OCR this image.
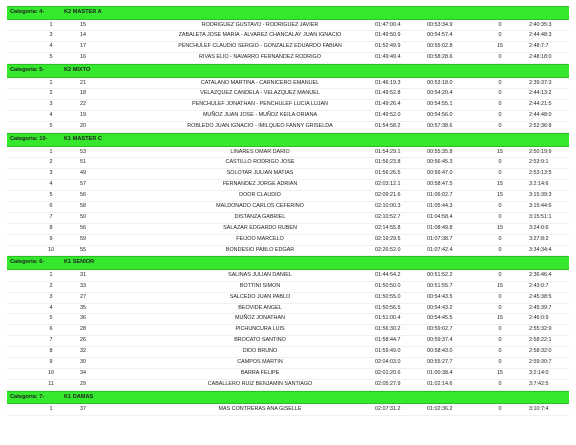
Categoria: 4-	K2 MASTER A
1	15	RODRIGUEZ GUSTAVO - RODRIGUEZ JAVIER	01:47:00.4	00:53:34.9	0	2:40:35:3
3	14	ZABALETA JOSE MARIA - ALVAREZ CHANCALAY JUAN IGNACIO	01:49:50.9	00:54:57.4	0	2:44:48:3
4	17	PENCHULEF CLAUDIO SERGIO - GONZALEZ EDUARDO FABIAN	01:52:49.9	00:55:02.8	15	2:48:7:7
5	16	RIVAS ELIO - NAVARRO FERNANDEZ RODRIGO	01:49:49.4	00:58:28.6	0	2:48:18:0
Categoria: 5-	K2 MIXTO
1	21	CATALANO MARTINA - CARNICERO EMANUEL	01:46:19.3	00:53:18.0	0	2:39:37:3
2	18	VELAZQUEZ CANDELA - VELAZQUEZ MANUEL	01:49:52.8	00:54:20.4	0	2:44:13:2
3	22	PENCHULEF JONATHAN - PENCHULEF LUCIA LUJAN	01:49:26.4	00:54:55.1	0	2:44:21:5
4	19	MUÑOZ JUAN JOSE - MUÑOZ KEILA ORIANA	01:49:52.0	00:54:56.0	0	2:44:48:0
5	20	ROBLEDO JUAN IGNACIO - IMILQUEO FANNY GRISELDA	01:54:58.2	00:57:38.6	0	2:52:36:8
Categoria: 10-	K1 MASTER C
1	53	LINARES OMAR DARIO	01:54:29.1	00:55:35.8	15	2:50:19:9
2	51	CASTILLO RODRIGO JOSE	01:56:23.8	00:56:45.3	0	2:53:9:1
3	49	SOLOTAR JULIAN MATIAS	01:56:26.5	00:56:47.0	0	2:53:13:5
4	57	FERNANDEZ JORGE ADRIAN	02:03:12.1	00:58:47.5	15	3:2:14:6
5	56	DOOR CLAUDIO	02:09:21.6	01:06:02.7	15	3:15:39:3
6	58	MALDONADO CARLOS CEFERINO	02:10:00.3	01:05:44.3	0	3:15:44:6
7	50	DISTANZA GABRIEL	02:10:52.7	01:04:58.4	0	3:15:51:1
8	56	SALAZAR EDGARDO RUBEN	02:14:55.8	01:08:49.8	15	3:24:0:6
9	59	FEIJOO MARCELO	02:19:29.5	01:07:38.7	0	3:27:8:2
10	55	BONDESIO PABLO EDGAR	02:26:52.0	01:07:42.4	0	3:34:34:4
Categoria: 6-	K1 SENIOR
1	31	SALINAS JULIAN DANIEL	01:44:54.2	00:51:52.2	0	2:36:46:4
2	33	BOTTINI SIMON	01:50:50.0	00:51:55.7	15	2:43:0:7
3	27	SALCEDO JUAN PABLO	01:50:55.0	00:54:43.5	0	2:45:38:5
4	35	BEOVIDE ANGEL	01:50:56.5	00:54:43.2	0	2:45:39:7
5	36	MUÑOZ JONATHAN	01:51:00.4	00:54:45.5	15	2:46:0:9
6	28	PICHUNCURA LUIS	01:56:30.2	00:59:02.7	0	2:55:32:9
7	26	BROCATO SANTINO	01:58:44.7	00:59:37.4	0	2:58:22:1
8	32	DIDO BRUNO	01:59:49.0	00:58:43.0	0	2:58:32:0
9	30	CAMPOS MARTIN	02:04:03.0	00:55:27.7	0	2:59:30:7
10	34	BARRA FELIPE	02:01:20.6	01:00:38.4	15	3:2:14:0
11	29	CABALLERO RUIZ BENJAMIN SANTIAGO	02:05:27.9	01:02:14.6	0	3:7:42:5
Categoria: 7-	K1 DAMAS
1	37	MAS CONTRERAS ANA GISELLE	02:07:31.2	01:02:36.2	0	3:10:7:4
